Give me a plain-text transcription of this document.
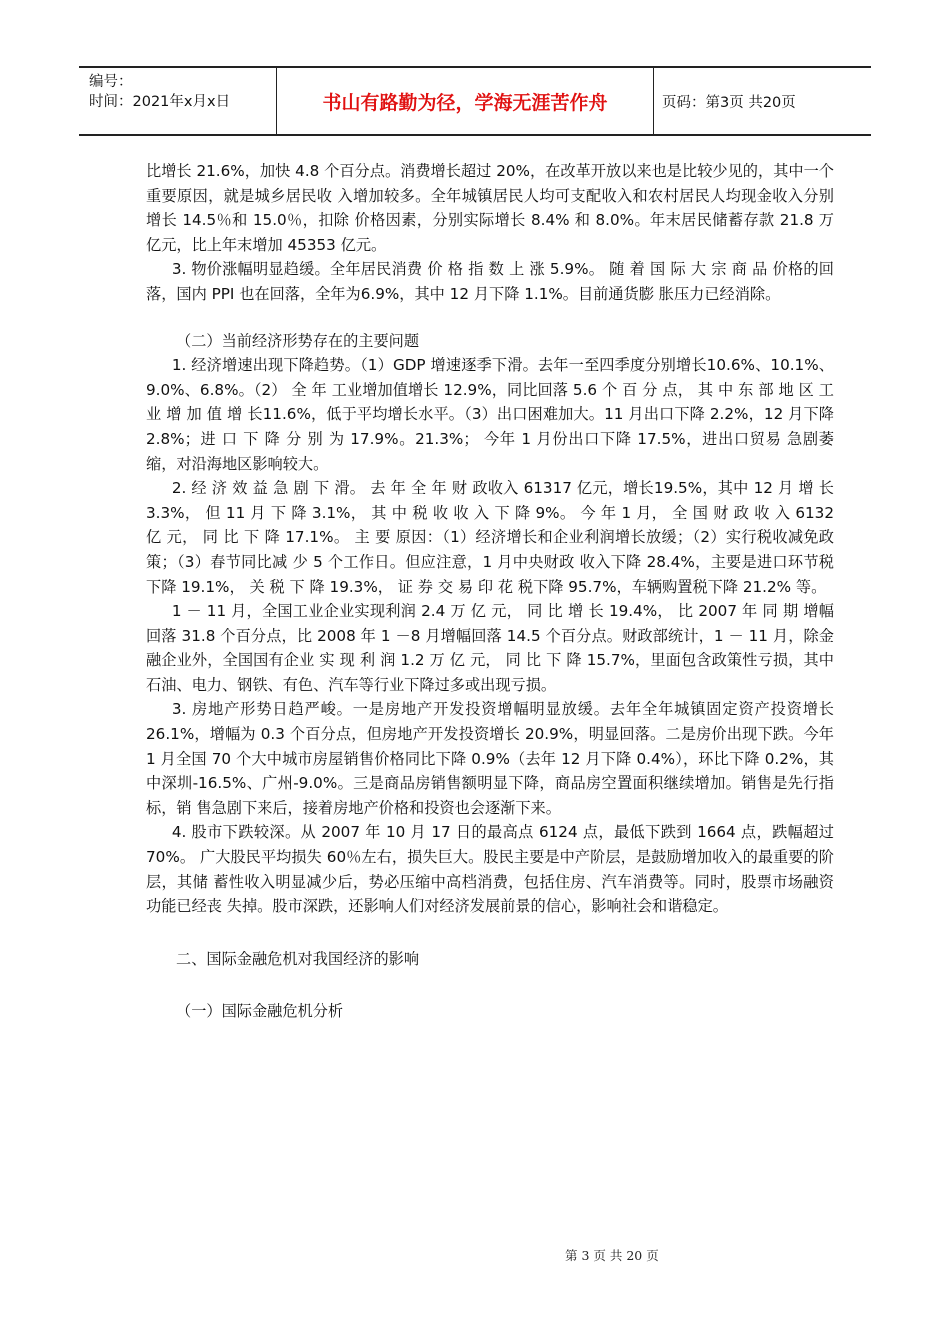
编号：
时间：2021年x月x日	书山有路勤为径，学海无涯苦作舟	页码：第3页 共20页

比增长 21.6%，加快 4.8 个百分点。消费增长超过 20%，在改革开放以来也是比较少见的，其中一个重要原因，就是城乡居民收 入增加较多。全年城镇居民人均可支配收入和农村居民人均现金收入分别增长 14.5％和 15.0％，扣除 价格因素，分别实际增长 8.4% 和 8.0%。年末居民储蓄存款 21.8 万亿元，比上年末增加 45353 亿元。

3. 物价涨幅明显趋缓。全年居民消费 价 格 指 数 上 涨 5.9%。 随 着 国 际 大 宗 商 品 价格的回落，国内 PPI 也在回落，全年为6.9%，其中 12 月下降 1.1%。目前通货膨 胀压力已经消除。

（二）当前经济形势存在的主要问题

1. 经济增速出现下降趋势。（1）GDP 增速逐季下滑。去年一至四季度分别增长10.6%、10.1%、9.0%、6.8%。（2） 全 年 工业增加值增长 12.9%，同比回落 5.6 个 百 分 点， 其 中 东 部 地 区 工 业 增 加 值 增 长11.6%，低于平均增长水平。（3）出口困难加大。11 月出口下降 2.2%，12 月下降 2.8%；进 口 下 降 分 别 为 17.9%。21.3%； 今年 1 月份出口下降 17.5%，进出口贸易 急剧萎缩，对沿海地区影响较大。

2. 经 济 效 益 急 剧 下 滑。 去 年 全 年 财 政收入 61317 亿元，增长19.5%，其中 12 月 增 长 3.3%， 但 11 月 下 降 3.1%， 其 中 税 收 收 入 下 降 9%。 今 年 1 月， 全 国 财 政 收 入 6132 亿 元， 同 比 下 降 17.1%。 主 要 原因：（1）经济增长和企业利润增长放缓；（2）实行税收减免政策；（3）春节同比减 少 5 个工作日。但应注意，1 月中央财政 收入下降 28.4%，主要是进口环节税下降 19.1%， 关 税 下 降 19.3%， 证 券 交 易 印 花 税下降 95.7%，车辆购置税下降 21.2% 等。

1 － 11 月，全国工业企业实现利润 2.4 万 亿 元， 同 比 增 长 19.4%， 比 2007 年 同 期 增幅回落 31.8 个百分点，比 2008 年 1 －8 月增幅回落 14.5 个百分点。财政部统计，1 － 11 月，除金融企业外，全国国有企业 实 现 利 润 1.2 万 亿 元， 同 比 下 降 15.7%，里面包含政策性亏损，其中石油、电力、钢铁、有色、汽车等行业下降过多或出现亏损。

3. 房地产形势日趋严峻。一是房地产开发投资增幅明显放缓。去年全年城镇固定资产投资增长26.1%，增幅为 0.3 个百分点，但房地产开发投资增长 20.9%，明显回落。二是房价出现下跌。今年 1 月全国 70 个大中城市房屋销售价格同比下降 0.9%（去年 12 月下降 0.4%），环比下降 0.2%，其中深圳-16.5%、广州-9.0%。三是商品房销售额明显下降，商品房空置面积继续增加。销售是先行指标，销 售急剧下来后，接着房地产价格和投资也会逐渐下来。

4. 股市下跌较深。从 2007 年 10 月 17 日的最高点 6124 点，最低下跌到 1664 点，跌幅超过 70%。 广大股民平均损失 60％左右，损失巨大。股民主要是中产阶层，是鼓励增加收入的最重要的阶层，其储 蓄性收入明显减少后，势必压缩中高档消费，包括住房、汽车消费等。同时，股票市场融资功能已经丧 失掉。股市深跌，还影响人们对经济发展前景的信心，影响社会和谐稳定。

二、国际金融危机对我国经济的影响

（一）国际金融危机分析

第 3 页 共 20 页
